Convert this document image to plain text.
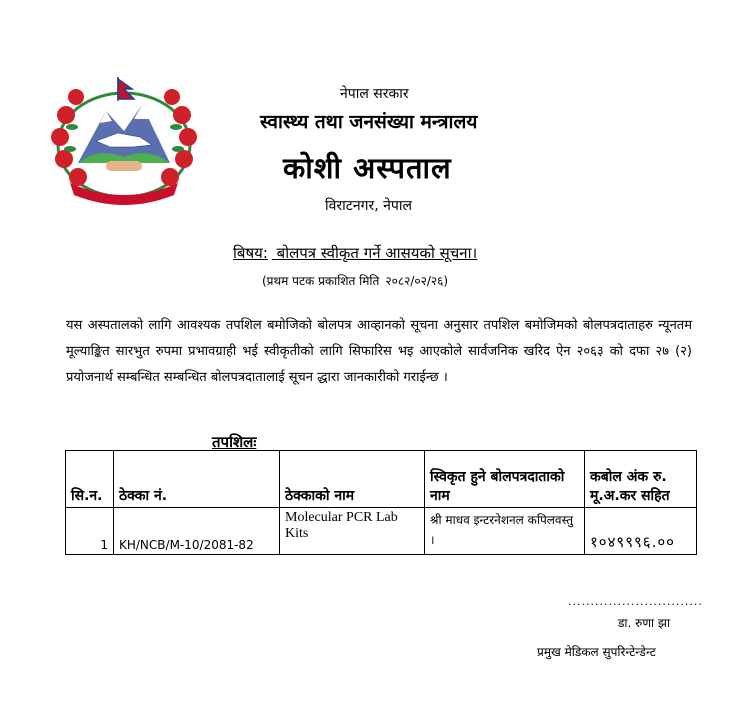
नेपाल सरकार
स्वास्थ्य तथा जनसंख्या मन्त्रालय
कोशी अस्पताल
विराटनगर, नेपाल
बिषय: बोलपत्र स्वीकृत गर्ने आसयको सूचना।
(प्रथम पटक प्रकाशित मिति २०८२/०२/२६)
यस अस्पतालको लागि आवश्यक तपशिल बमोजिको बोलपत्र आव्हानको सूचना अनुसार तपशिल बमोजिमको बोलपत्रदाताहरु न्यूनतम मूल्याङ्कित सारभुत रुपमा प्रभावग्राही भई स्वीकृतीको लागि सिफारिस भइ आएकोले सार्वजनिक खरिद ऐन २०६३ को दफा २७ (२) प्रयोजनार्थ सम्बन्धित सम्बन्धित बोलपत्रदातालाई सूचन द्धारा जानकारीको गराईन्छ ।
तपशिलः
सि.न.	ठेक्का नं.	ठेक्काको नाम	स्विकृत हुने बोलपत्रदाताको नाम	कबोल अंक रु. मू.अ.कर सहित
1	KH/NCB/M-10/2081-82	Molecular PCR Lab Kits	श्री माधव इन्टरनेशनल कपिलवस्तु ।	१०४९९९६.००
..............................
डा. रुणा झा
प्रमुख मेडिकल सुपरिन्टेन्डेन्ट
